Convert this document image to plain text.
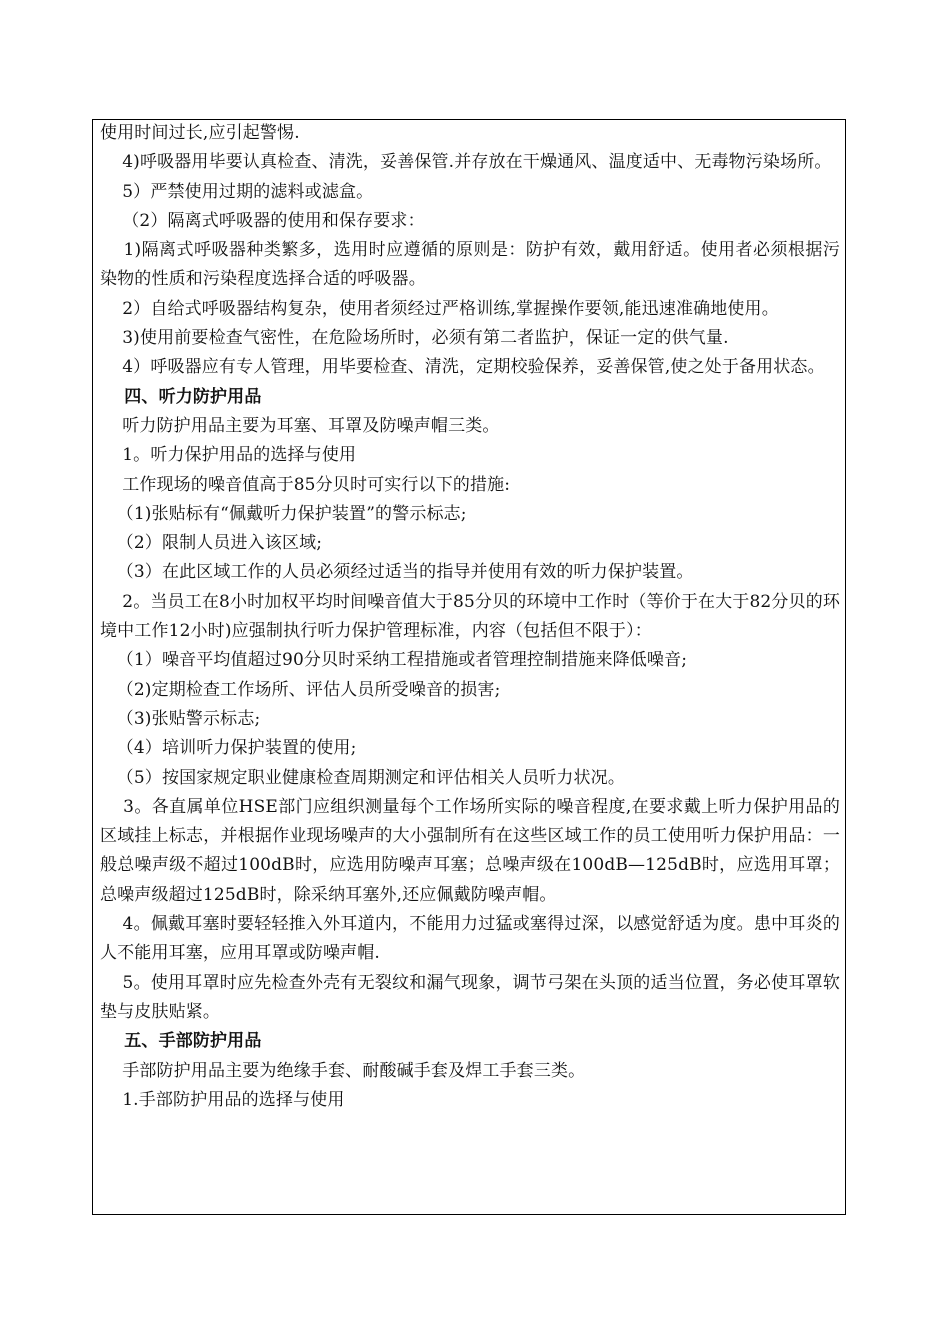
使用时间过长,应引起警惕.

4)呼吸器用毕要认真检查、清洗，妥善保管.并存放在干燥通风、温度适中、无毒物污染场所。

5）严禁使用过期的滤料或滤盒。

（2）隔离式呼吸器的使用和保存要求：

1)隔离式呼吸器种类繁多，选用时应遵循的原则是：防护有效，戴用舒适。使用者必须根据污染物的性质和污染程度选择合适的呼吸器。

2）自给式呼吸器结构复杂，使用者须经过严格训练,掌握操作要领,能迅速准确地使用。

3)使用前要检查气密性，在危险场所时，必须有第二者监护，保证一定的供气量.

4）呼吸器应有专人管理，用毕要检查、清洗，定期校验保养，妥善保管,使之处于备用状态。

四、听力防护用品

听力防护用品主要为耳塞、耳罩及防噪声帽三类。

1。听力保护用品的选择与使用

工作现场的噪音值高于85分贝时可实行以下的措施:

（1)张贴标有“佩戴听力保护装置”的警示标志;

（2）限制人员进入该区域;

（3）在此区域工作的人员必须经过适当的指导并使用有效的听力保护装置。

2。当员工在8小时加权平均时间噪音值大于85分贝的环境中工作时（等价于在大于82分贝的环境中工作12小时)应强制执行听力保护管理标准，内容（包括但不限于）：

（1）噪音平均值超过90分贝时采纳工程措施或者管理控制措施来降低噪音;

（2)定期检查工作场所、评估人员所受噪音的损害;

（3)张贴警示标志;

（4）培训听力保护装置的使用;

（5）按国家规定职业健康检查周期测定和评估相关人员听力状况。

3。各直属单位HSE部门应组织测量每个工作场所实际的噪音程度,在要求戴上听力保护用品的区域挂上标志，并根据作业现场噪声的大小强制所有在这些区域工作的员工使用听力保护用品：一般总噪声级不超过100dB时，应选用防噪声耳塞；总噪声级在100dB—125dB时，应选用耳罩；总噪声级超过125dB时，除采纳耳塞外,还应佩戴防噪声帽。

4。佩戴耳塞时要轻轻推入外耳道内，不能用力过猛或塞得过深，以感觉舒适为度。患中耳炎的人不能用耳塞，应用耳罩或防噪声帽.

5。使用耳罩时应先检查外壳有无裂纹和漏气现象，调节弓架在头顶的适当位置，务必使耳罩软垫与皮肤贴紧。

五、手部防护用品

手部防护用品主要为绝缘手套、耐酸碱手套及焊工手套三类。

1.手部防护用品的选择与使用
